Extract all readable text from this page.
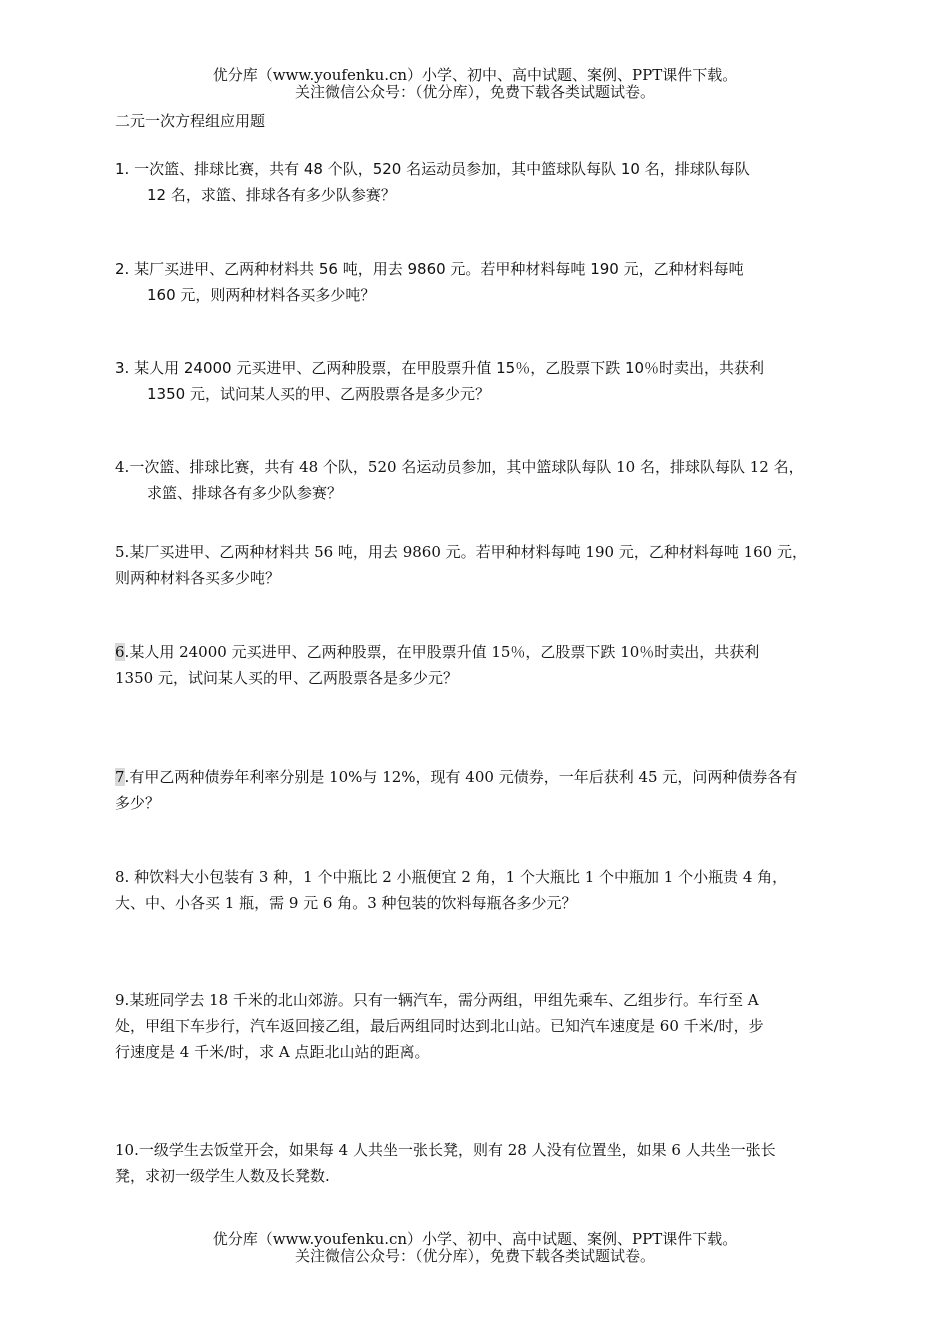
优分库（www.youfenku.cn）小学、初中、高中试题、案例、PPT课件下载。
关注微信公众号：（优分库），免费下载各类试题试卷。
二元一次方程组应用题
1. 一次篮、排球比赛，共有 48 个队，520 名运动员参加，其中篮球队每队 10 名，排球队每队
12 名，求篮、排球各有多少队参赛？
2. 某厂买进甲、乙两种材料共 56 吨，用去 9860 元。若甲种材料每吨 190 元，乙种材料每吨
160 元，则两种材料各买多少吨？
3. 某人用 24000 元买进甲、乙两种股票，在甲股票升值 15％，乙股票下跌 10％时卖出，共获利
1350 元，试问某人买的甲、乙两股票各是多少元？
4.一次篮、排球比赛，共有 48 个队，520 名运动员参加，其中篮球队每队 10 名，排球队每队 12 名，
求篮、排球各有多少队参赛？
5.某厂买进甲、乙两种材料共 56 吨，用去 9860 元。若甲种材料每吨 190 元，乙种材料每吨 160 元，
则两种材料各买多少吨？
6.某人用 24000 元买进甲、乙两种股票，在甲股票升值 15％，乙股票下跌 10％时卖出，共获利
1350 元，试问某人买的甲、乙两股票各是多少元？
7.有甲乙两种债券年利率分别是 10%与 12%，现有 400 元债券，一年后获利 45 元，问两种债券各有
多少？
8. 种饮料大小包装有 3 种，1 个中瓶比 2 小瓶便宜 2 角，1 个大瓶比 1 个中瓶加 1 个小瓶贵 4 角，
大、中、小各买 1 瓶，需 9 元 6 角。3 种包装的饮料每瓶各多少元？
9.某班同学去 18 千米的北山郊游。只有一辆汽车，需分两组，甲组先乘车、乙组步行。车行至 A
处，甲组下车步行，汽车返回接乙组，最后两组同时达到北山站。已知汽车速度是 60 千米/时，步
行速度是 4 千米/时，求 A 点距北山站的距离。
10.一级学生去饭堂开会，如果每 4 人共坐一张长凳，则有 28 人没有位置坐，如果 6 人共坐一张长
凳，求初一级学生人数及长凳数.
优分库（www.youfenku.cn）小学、初中、高中试题、案例、PPT课件下载。
关注微信公众号：（优分库），免费下载各类试题试卷。
